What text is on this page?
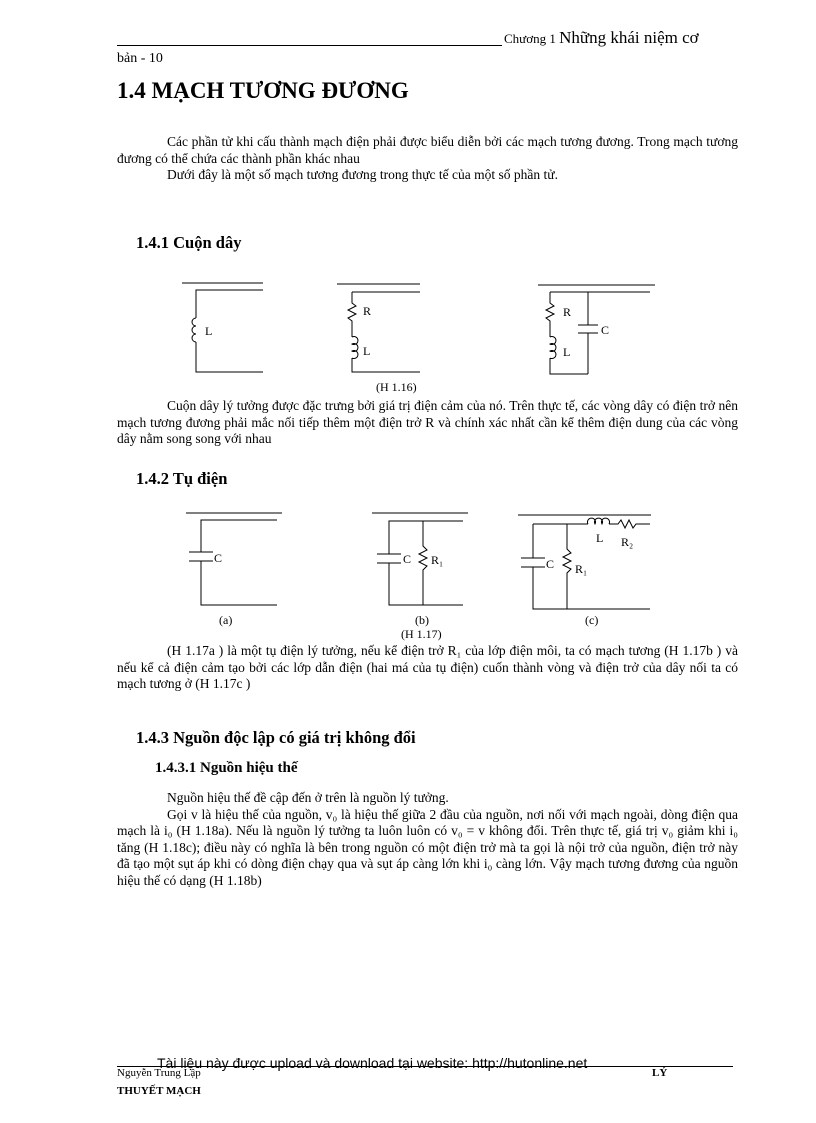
Chương 1 Những khái niệm cơ
bản - 10
1.4 MẠCH TƯƠNG ĐƯƠNG

Các phần tử khi cấu thành mạch điện phải được biểu diễn bởi các mạch tương đương. Trong mạch tương đương có thể chứa các thành phần khác nhau

Dưới đây là một số mạch tương đương trong thực tế của một số phần tử.

1.4.1 Cuộn dây
L
R
L
R
L
C
(H 1.16)

Cuộn dây lý tưởng được đặc trưng bởi giá trị điện cảm của nó. Trên thực tế, các vòng dây có điện trở nên mạch tương đương phải mắc nối tiếp thêm một điện trở R và chính xác nhất cần kể thêm điện dung của các vòng dây nằm song song với nhau

1.4.2 Tụ điện
C	C R₁	C R₁
L R₂
(a)	(b)	(c)
(H 1.17)

(H 1.17a ) là một tụ điện lý tưởng, nếu kể điện trở R₁ của lớp điện môi, ta có mạch tương (H 1.17b ) và nếu kể cả điện cảm tạo bởi các lớp dẫn điện (hai má của tụ điện) cuốn thành vòng và điện trở của dây nối ta có mạch tương ở (H 1.17c )

1.4.3 Nguồn độc lập có giá trị không đổi
1.4.3.1 Nguồn hiệu thế

Nguồn hiệu thế đề cập đến ở trên là nguồn lý tưởng.

Gọi v là hiệu thế của nguồn, v₀ là hiệu thế giữa 2 đầu của nguồn, nơi nối với mạch ngoài, dòng điện qua mạch là i₀ (H 1.18a). Nếu là nguồn lý tưởng ta luôn luôn có v₀ = v không đổi. Trên thực tế, giá trị v₀ giảm khi i₀ tăng (H 1.18c); điều này có nghĩa là bên trong nguồn có một điện trở mà ta gọi là nội trở của nguồn, điện trở này đã tạo một sụt áp khi có dòng điện chạy qua và sụt áp càng lớn khi i₀ càng lớn. Vậy mạch tương đương của nguồn hiệu thế có dạng (H 1.18b)

Tài liệu này được upload và download tại website: http://hutonline.net
Nguyễn Trung Lập	LÝ
THUYẾT MẠCH
